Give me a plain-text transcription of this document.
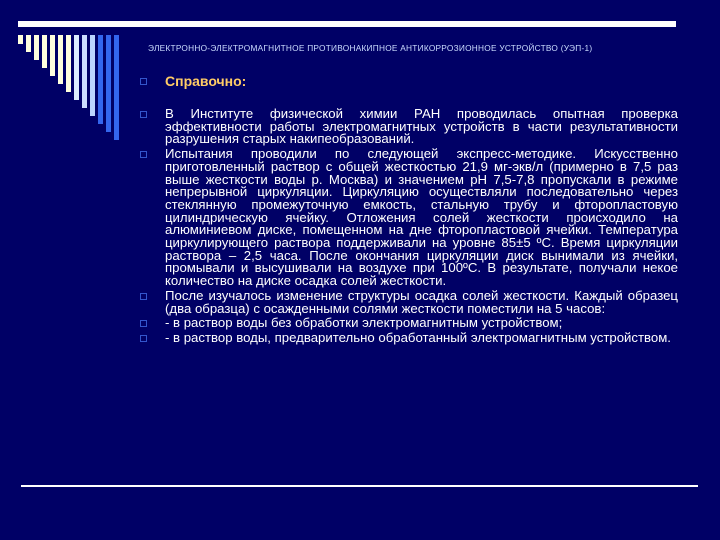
ЭЛЕКТРОННО-ЭЛЕКТРОМАГНИТНОЕ ПРОТИВОНАКИПНОЕ АНТИКОРРОЗИОННОЕ УСТРОЙСТВО (УЭП-1)
Справочно:
В Институте физической химии РАН проводилась опытная проверка эффективности работы электромагнитных устройств в части результативности разрушения старых накипеобразований.
Испытания проводили по следующей экспресс-методике. Искусственно приготовленный раствор с общей жесткостью 21,9 мг-экв/л (примерно в 7,5 раз выше жесткости воды р. Москва) и значением pH 7,5-7,8 пропускали в режиме непрерывной циркуляции. Циркуляцию осуществляли последовательно через стеклянную промежуточную емкость, стальную трубу и фторопластовую цилиндрическую ячейку. Отложения солей жесткости происходило на алюминиевом диске, помещенном на дне фторопластовой ячейки. Температура циркулирующего раствора поддерживали на уровне 85±5 ºС. Время циркуляции раствора – 2,5 часа. После окончания циркуляции диск вынимали из ячейки, промывали и высушивали на воздухе при 100ºС. В результате, получали некое количество на диске осадка солей жесткости.
После изучалось изменение структуры осадка солей жесткости. Каждый образец (два образца) с осажденными солями жесткости поместили на 5 часов:
- в раствор воды без обработки электромагнитным устройством;
- в раствор воды, предварительно обработанный электромагнитным устройством.
